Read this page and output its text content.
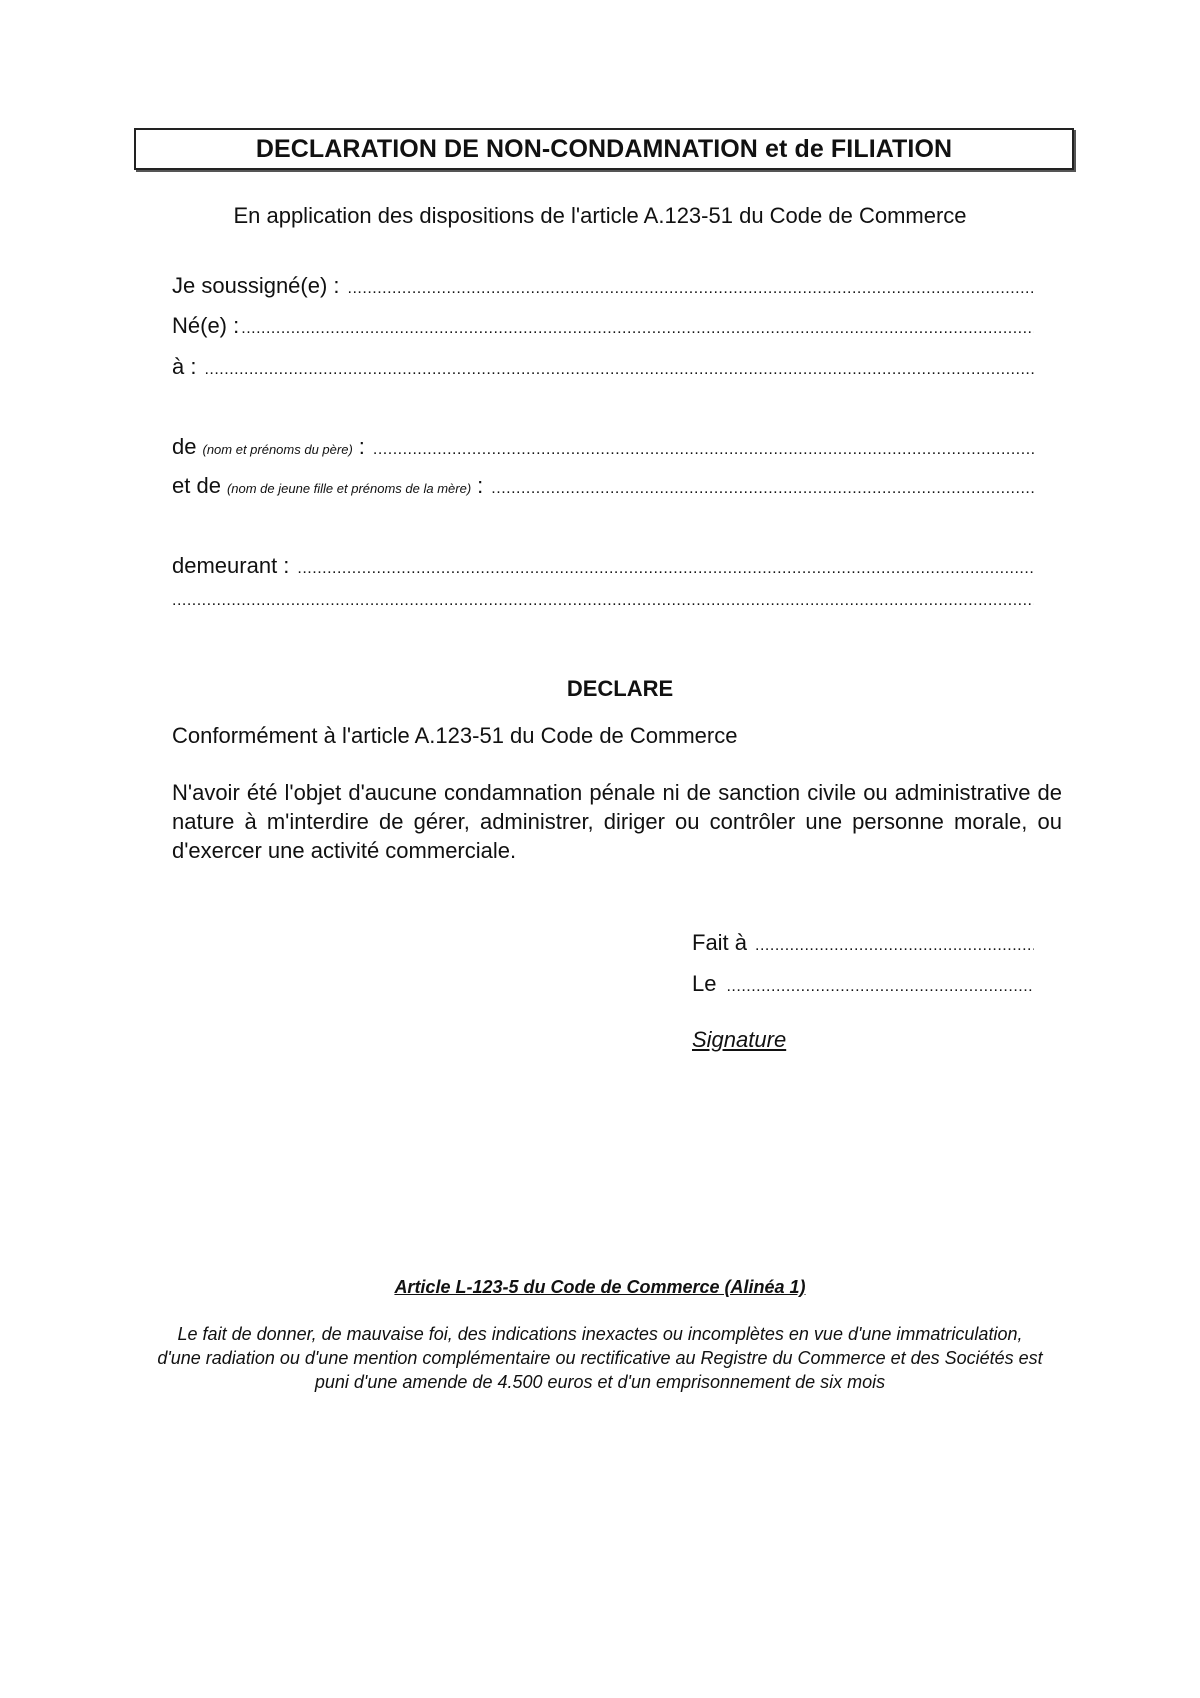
DECLARATION DE NON-CONDAMNATION et de FILIATION
En application des dispositions de l'article A.123-51 du Code de Commerce
Je soussigné(e) :
.....
Né(e) :
.....
à :
.....
de (nom et prénoms du père) :
.....
et de (nom de jeune fille et prénoms de la mère) :
.....
demeurant :
.....
.....
DECLARE
Conformément à l'article A.123-51 du Code de Commerce
N'avoir été l'objet d'aucune condamnation pénale ni de sanction civile ou administrative de nature à m'interdire de gérer, administrer, diriger ou contrôler une personne morale, ou d'exercer une activité commerciale.
Fait à
.....
Le
.....
Signature
Article L-123-5 du Code de Commerce (Alinéa 1)
Le fait de donner, de mauvaise foi, des indications inexactes ou incomplètes en vue d'une immatriculation,
d'une radiation ou d'une mention complémentaire ou rectificative au Registre du Commerce et des Sociétés est
puni d'une amende de 4.500 euros et d'un emprisonnement de six mois
